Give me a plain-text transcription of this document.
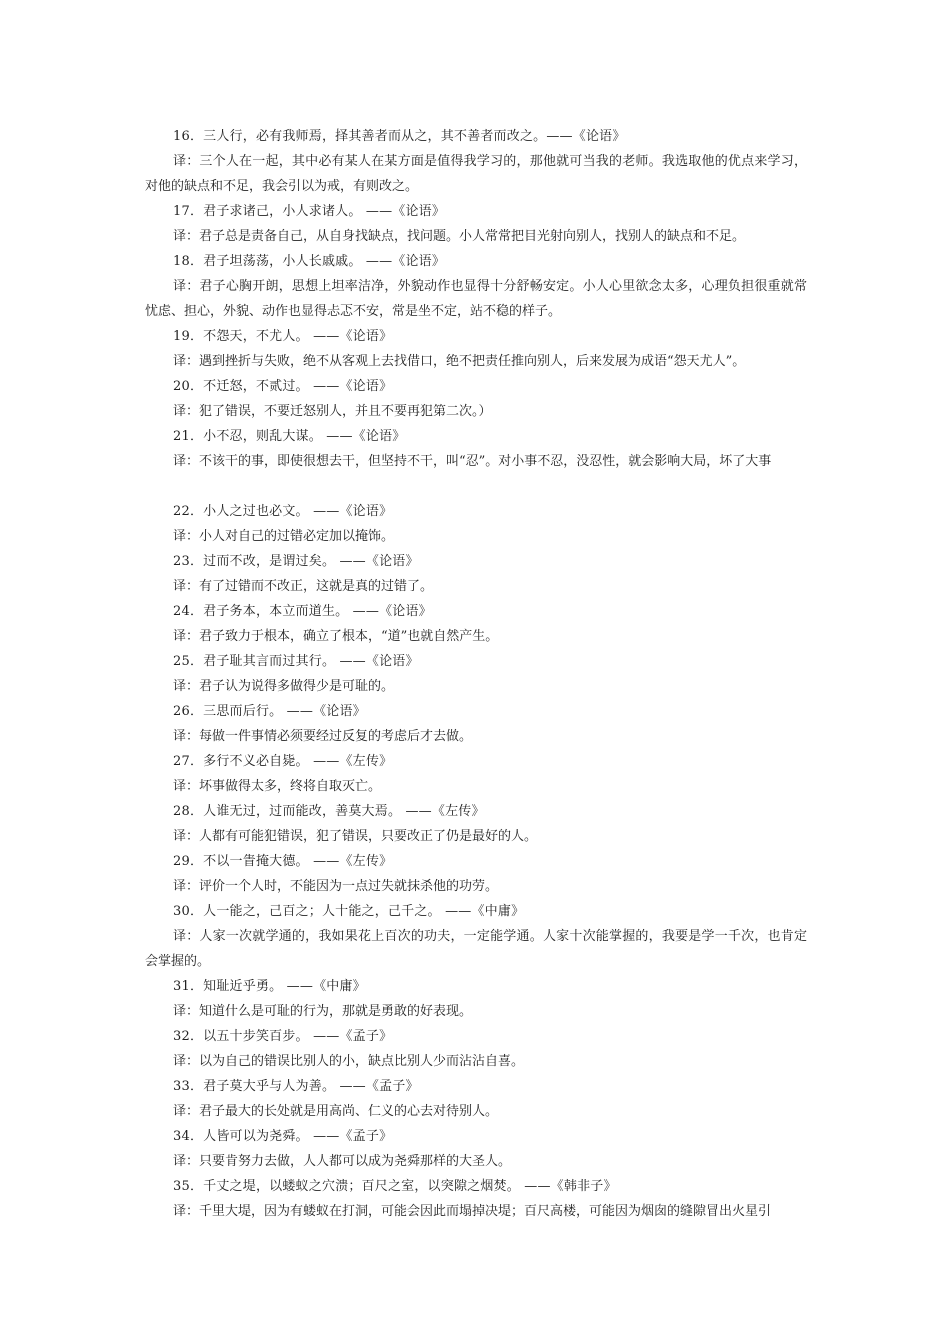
16．三人行，必有我师焉，择其善者而从之，其不善者而改之。——《论语》

译：三个人在一起，其中必有某人在某方面是值得我学习的，那他就可当我的老师。我选取他的优点来学习，对他的缺点和不足，我会引以为戒，有则改之。

17．君子求诸己，小人求诸人。 ——《论语》

译：君子总是责备自己，从自身找缺点，找问题。小人常常把目光射向别人，找别人的缺点和不足。

18．君子坦荡荡，小人长戚戚。 ——《论语》

译：君子心胸开朗，思想上坦率洁净，外貌动作也显得十分舒畅安定。小人心里欲念太多，心理负担很重就常忧虑、担心，外貌、动作也显得忐忑不安，常是坐不定，站不稳的样子。

19．不怨天，不尤人。 ——《论语》

译：遇到挫折与失败，绝不从客观上去找借口，绝不把责任推向别人，后来发展为成语“怨天尤人”。

20．不迁怒，不贰过。 ——《论语》

译：犯了错误，不要迁怒别人，并且不要再犯第二次。）

21．小不忍，则乱大谋。 ——《论语》

译：不该干的事，即使很想去干，但坚持不干，叫“忍”。对小事不忍，没忍性，就会影响大局，坏了大事

22．小人之过也必文。 ——《论语》

译：小人对自己的过错必定加以掩饰。

23．过而不改，是谓过矣。 ——《论语》

译：有了过错而不改正，这就是真的过错了。

24．君子务本，本立而道生。 ——《论语》

译：君子致力于根本，确立了根本，“道”也就自然产生。

25．君子耻其言而过其行。 ——《论语》

译：君子认为说得多做得少是可耻的。

26．三思而后行。 ——《论语》

译：每做一件事情必须要经过反复的考虑后才去做。

27．多行不义必自毙。 ——《左传》

译：坏事做得太多，终将自取灭亡。

28．人谁无过，过而能改，善莫大焉。 ——《左传》

译：人都有可能犯错误，犯了错误，只要改正了仍是最好的人。

29．不以一眚掩大德。 ——《左传》

译：评价一个人时，不能因为一点过失就抹杀他的功劳。

30．人一能之，己百之；人十能之，己千之。 ——《中庸》

译：人家一次就学通的，我如果花上百次的功夫，一定能学通。人家十次能掌握的，我要是学一千次，也肯定会掌握的。

31．知耻近乎勇。 ——《中庸》

译：知道什么是可耻的行为，那就是勇敢的好表现。

32．以五十步笑百步。 ——《孟子》

译：以为自己的错误比别人的小，缺点比别人少而沾沾自喜。

33．君子莫大乎与人为善。 ——《孟子》

译：君子最大的长处就是用高尚、仁义的心去对待别人。

34．人皆可以为尧舜。 ——《孟子》

译：只要肯努力去做，人人都可以成为尧舜那样的大圣人。

35．千丈之堤，以蝼蚁之穴溃；百尺之室，以突隙之烟焚。 ——《韩非子》

译：千里大堤，因为有蝼蚁在打洞，可能会因此而塌掉决堤；百尺高楼，可能因为烟囱的缝隙冒出火星引
